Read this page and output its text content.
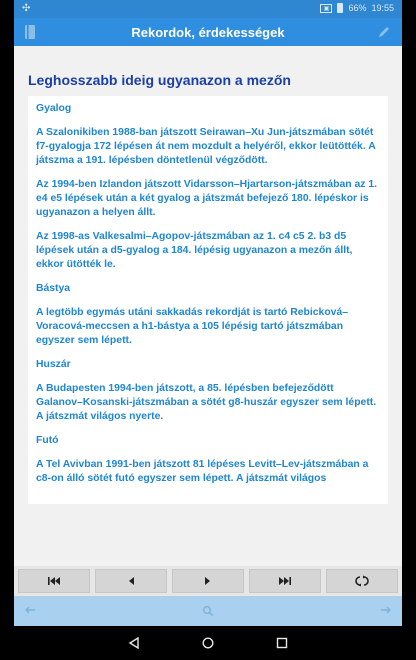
✣	▣	66% 19:55
Rekordok, érdekességek
Leghosszabb ideig ugyanazon a mezőn

Gyalog

A Szalonikiben 1988-ban játszott Seirawan–Xu Jun-játszmában sötét f7-gyalogja 172 lépésen át nem mozdult a helyéről, ekkor leütötték. A játszma a 191. lépésben döntetlenül végződött.

Az 1994-ben Izlandon játszott Vidarsson–Hjartarson-játszmában az 1. e4 e5 lépések után a két gyalog a játszmát befejező 180. lépéskor is ugyanazon a helyen állt.

Az 1998-as Valkesalmi–Agopov-játszmában az 1. c4 c5 2. b3 d5 lépések után a d5-gyalog a 184. lépésig ugyanazon a mezőn állt, ekkor ütötték le.

Bástya

A legtöbb egymás utáni sakkadás rekordját is tartó Rebicková–Voracová-meccsen a h1-bástya a 105 lépésig tartó játszmában egyszer sem lépett.

Huszár

A Budapesten 1994-ben játszott, a 85. lépésben befejeződött Galanov–Kosanski-játszmában a sötét g8-huszár egyszer sem lépett. A játszmát világos nyerte.

Futó

A Tel Avivban 1991-ben játszott 81 lépéses Levitt–Lev-játszmában a c8-on álló sötét futó egyszer sem lépett. A játszmát világos
